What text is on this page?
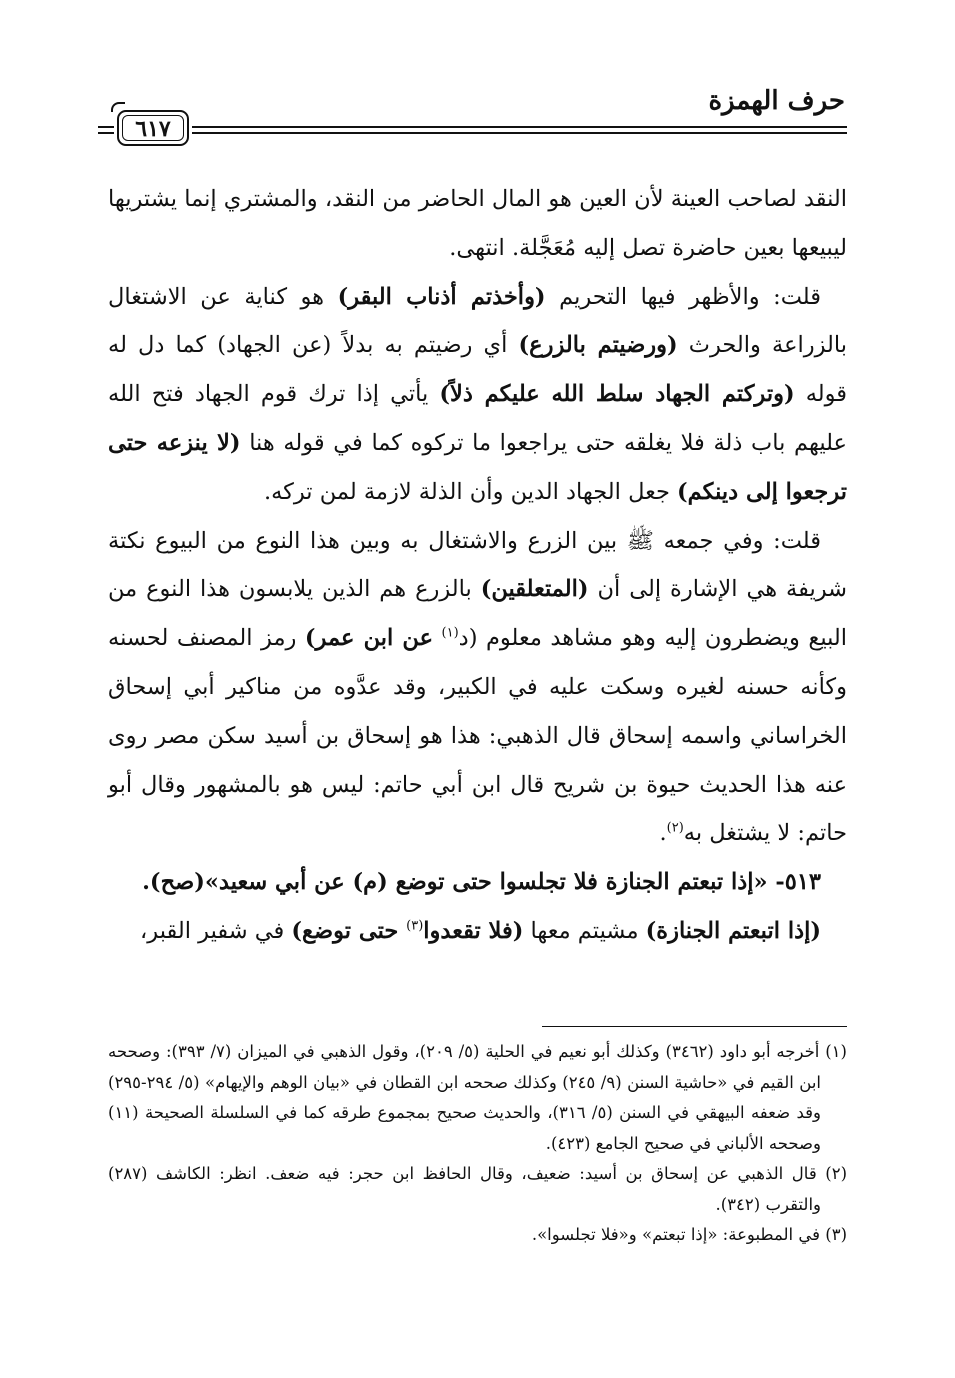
حرف الهمزة
٦١٧

النقد لصاحب العينة لأن العين هو المال الحاضر من النقد، والمشتري إنما يشتريها ليبيعها بعين حاضرة تصل إليه مُعَجَّلة. انتهى.

قلت: والأظهر فيها التحريم (وأخذتم أذناب البقر) هو كناية عن الاشتغال بالزراعة والحرث (ورضيتم بالزرع) أي رضيتم به بدلاً (عن الجهاد) كما دل له قوله (وتركتم الجهاد سلط الله عليكم ذلاً) يأتي إذا ترك قوم الجهاد فتح الله عليهم باب ذلة فلا يغلقه حتى يراجعوا ما تركوه كما في قوله هنا (لا ينزعه حتى ترجعوا إلى دينكم) جعل الجهاد الدين وأن الذلة لازمة لمن تركه.

قلت: وفي جمعه ﷺ بين الزرع والاشتغال به وبين هذا النوع من البيوع نكتة شريفة هي الإشارة إلى أن (المتعلقين) بالزرع هم الذين يلابسون هذا النوع من البيع ويضطرون إليه وهو مشاهد معلوم (د$^{(١)}$ عن ابن عمر) رمز المصنف لحسنه وكأنه حسنه لغيره وسكت عليه في الكبير، وقد عدَّوه من مناكير أبي إسحاق الخراساني واسمه إسحاق قال الذهبي: هذا هو إسحاق بن أسيد سكن مصر روى عنه هذا الحديث حيوة بن شريح قال ابن أبي حاتم: ليس هو بالمشهور وقال أبو حاتم: لا يشتغل به$^{(٢)}$.

٥١٣- «إذا تبعتم الجنازة فلا تجلسوا حتى توضع (م) عن أبي سعيد»(صح).

(إذا اتبعتم الجنازة) مشيتم معها (فلا تقعدوا$^{(٣)}$ حتى توضع) في شفير القبر،

(١) أخرجه أبو داود (٣٤٦٢) وكذلك أبو نعيم في الحلية (٥/ ٢٠٩)، وقول الذهبي في الميزان (٧/ ٣٩٣): وصححه ابن القيم في «حاشية السنن (٩/ ٢٤٥) وكذلك صححه ابن القطان في «بيان الوهم والإيهام» (٥/ ٢٩٤-٢٩٥) وقد ضعفه البيهقي في السنن (٥/ ٣١٦)، والحديث صحيح بمجموع طرقه كما في السلسلة الصحيحة (١١) وصححه الألباني في صحيح الجامع (٤٢٣).

(٢) قال الذهبي عن إسحاق بن أسيد: ضعيف، وقال الحافظ ابن حجر: فيه ضعف. انظر: الكاشف (٢٨٧) والتقرب (٣٤٢).

(٣) في المطبوعة: «إذا تبعتم» و«فلا تجلسوا».
